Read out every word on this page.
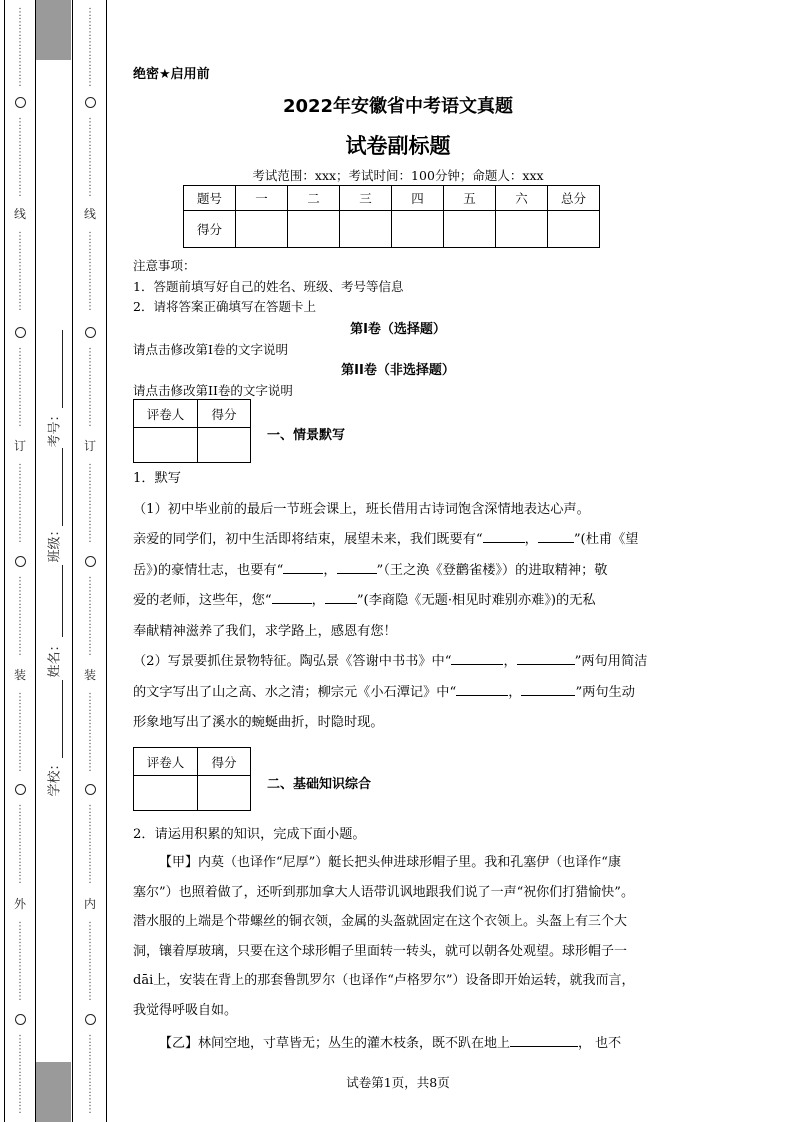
⋮
⋮
⋮
⋮
⋮
⋮
⋮
⋮
⋮
⋮
⋮
⋮
⋮
⋮
⋮
⋮
线
⋮
⋮
⋮
⋮
⋮
⋮
⋮
⋮
⋮
⋮
⋮
⋮
⋮
⋮
⋮
⋮
订
⋮
⋮
⋮
⋮
⋮
⋮
⋮
⋮
⋮
⋮
⋮
⋮
⋮
⋮
⋮
⋮
装
⋮
⋮
⋮
⋮
⋮
⋮
⋮
⋮
⋮
⋮
⋮
⋮
⋮
⋮
⋮
⋮
外
⋮
⋮
⋮
⋮
⋮
⋮
⋮
⋮
⋮
⋮
⋮
⋮
⋮
⋮
⋮
⋮
⋮
⋮
⋮
⋮
⋮
⋮
⋮
⋮
⋮
⋮
⋮
⋮
⋮
⋮
⋮
⋮
线
⋮
⋮
⋮
⋮
⋮
⋮
⋮
⋮
⋮
⋮
⋮
⋮
⋮
⋮
⋮
⋮
订
⋮
⋮
⋮
⋮
⋮
⋮
⋮
⋮
⋮
⋮
⋮
⋮
⋮
⋮
⋮
⋮
装
⋮
⋮
⋮
⋮
⋮
⋮
⋮
⋮
⋮
⋮
⋮
⋮
⋮
⋮
⋮
⋮
内
⋮
⋮
⋮
⋮
⋮
⋮
⋮
⋮
⋮
⋮
⋮
⋮
⋮
⋮
⋮
⋮
考号：
班级：
姓名：
学校：
绝密★启用前
2022年安徽省中考语文真题
试卷副标题
考试范围：xxx；考试时间：100分钟；命题人：xxx
题号	一	二	三	四	五	六	总分
得分							
注意事项：
1．答题前填写好自己的姓名、班级、考号等信息
2．请将答案正确填写在答题卡上
第I卷（选择题）
请点击修改第I卷的文字说明
第II卷（非选择题）
请点击修改第II卷的文字说明
评卷人	得分

一、情景默写

1．默写

（1）初中毕业前的最后一节班会课上，班长借用古诗词饱含深情地表达心声。

亲爱的同学们，初中生活即将结束，展望未来，我们既要有“	，	”(杜甫《望

岳》)的豪情壮志，也要有“	，	”（王之涣《登鹳雀楼》）的进取精神；敬

爱的老师，这些年，您“	， ”(李商隐《无题·相见时难别亦难》)的无私

奉献精神滋养了我们，求学路上，感恩有您！

（2）写景要抓住景物特征。陶弘景《答谢中书书》中“	，	”两句用简洁

的文字写出了山之高、水之清；柳宗元《小石潭记》中“	，	”两句生动

形象地写出了溪水的蜿蜒曲折，时隐时现。

评卷人	得分

二、基础知识综合
2．请运用积累的知识，完成下面小题。

【甲】内莫（也译作“尼厚”）艇长把头伸进球形帽子里。我和孔塞伊（也译作“康

塞尔”）也照着做了，还听到那加拿大人语带讥讽地跟我们说了一声“祝你们打猎愉快”。

潜水服的上端是个带螺丝的铜衣领，金属的头盔就固定在这个衣领上。头盔上有三个大

洞，镶着厚玻璃，只要在这个球形帽子里面转一转头，就可以朝各处观望。球形帽子一

dāi上，安装在背上的那套鲁凯罗尔（也译作“卢格罗尔”）设备即开始运转，就我而言，

我觉得呼吸自如。

【乙】林间空地，寸草皆无；丛生的灌木枝条，既不趴在地上	， 也不

试卷第1页，共8页
